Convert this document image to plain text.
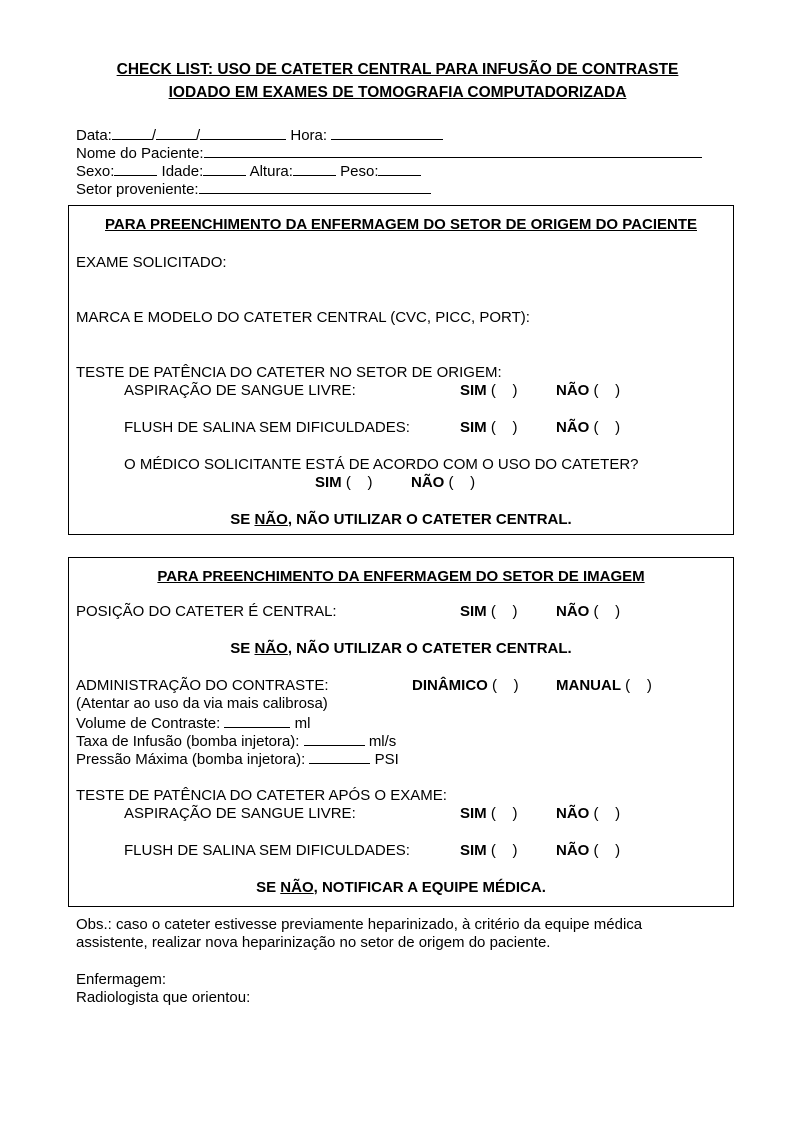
CHECK LIST: USO DE CATETER CENTRAL PARA INFUSÃO DE CONTRASTE
IODADO EM EXAMES DE TOMOGRAFIA COMPUTADORIZADA
Data:	/	/	Hora:
Nome do Paciente:
Sexo:	Idade:	Altura:	Peso:
Setor proveniente:
PARA PREENCHIMENTO DA ENFERMAGEM DO SETOR DE ORIGEM DO PACIENTE
EXAME SOLICITADO:
MARCA E MODELO DO CATETER CENTRAL (CVC, PICC, PORT):
TESTE DE PATÊNCIA DO CATETER NO SETOR DE ORIGEM:
ASPIRAÇÃO DE SANGUE LIVRE:	SIM (    )	NÃO (    )
FLUSH DE SALINA SEM DIFICULDADES:	SIM (    )	NÃO (    )
O MÉDICO SOLICITANTE ESTÁ DE ACORDO COM O USO DO CATETER?
SIM (    )	NÃO (    )
SE NÃO, NÃO UTILIZAR O CATETER CENTRAL.
PARA PREENCHIMENTO DA ENFERMAGEM DO SETOR DE IMAGEM
POSIÇÃO DO CATETER É CENTRAL:	SIM (    )	NÃO (    )
SE NÃO, NÃO UTILIZAR O CATETER CENTRAL.
ADMINISTRAÇÃO DO CONTRASTE:	DINÂMICO (    ) MANUAL (    )
(Atentar ao uso da via mais calibrosa)
Volume de Contraste:	ml
Taxa de Infusão (bomba injetora):	ml/s
Pressão Máxima (bomba injetora):	PSI
TESTE DE PATÊNCIA DO CATETER APÓS O EXAME:
ASPIRAÇÃO DE SANGUE LIVRE:	SIM (    )	NÃO (    )
FLUSH DE SALINA SEM DIFICULDADES:	SIM (    )	NÃO (    )
SE NÃO, NOTIFICAR A EQUIPE MÉDICA.
Obs.: caso o cateter estivesse previamente heparinizado, à critério da equipe médica
assistente, realizar nova heparinização no setor de origem do paciente.
Enfermagem:
Radiologista que orientou:
